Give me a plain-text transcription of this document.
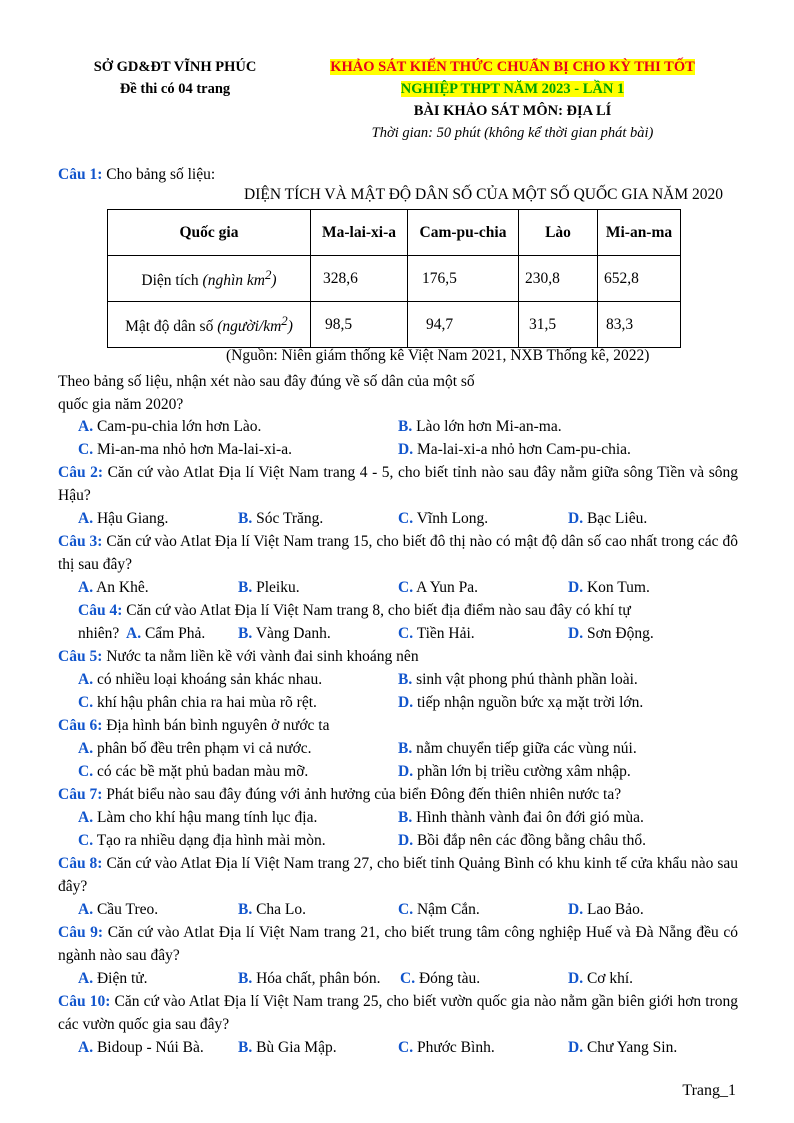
SỞ GD&ĐT VĨNH PHÚC
Đề thi có 04 trang
KHẢO SÁT KIẾN THỨC CHUẨN BỊ CHO KỲ THI TỐT
NGHIỆP THPT NĂM 2023 - LẦN 1
BÀI KHẢO SÁT MÔN: ĐỊA LÍ
Thời gian: 50 phút (không kể thời gian phát bài)
Câu 1: Cho bảng số liệu:
DIỆN TÍCH VÀ MẬT ĐỘ DÂN SỐ CỦA MỘT SỐ QUỐC GIA NĂM 2020
Quốc gia	Ma-lai-xi-a	Cam-pu-chia	Lào	Mi-an-ma
Diện tích (nghìn $km^2$)	328,6	176,5	230,8	652,8
Mật độ dân số $(người/km^2)$	98,5	94,7	31,5	83,3
(Nguồn: Niên giám thống kê Việt Nam 2021, NXB Thống kê, 2022)
Theo bảng số liệu, nhận xét nào sau đây đúng về số dân của một số
quốc gia năm 2020?
A. Cam-pu-chia lớn hơn Lào.	B. Lào lớn hơn Mi-an-ma.
C. Mi-an-ma nhỏ hơn Ma-lai-xi-a.	D. Ma-lai-xi-a nhỏ hơn Cam-pu-chia.
Câu 2: Căn cứ vào Atlat Địa lí Việt Nam trang 4 - 5, cho biết tỉnh nào sau đây nằm giữa sông Tiền và sông Hậu?
A. Hậu Giang.	B. Sóc Trăng.	C. Vĩnh Long.	D. Bạc Liêu.
Câu 3: Căn cứ vào Atlat Địa lí Việt Nam trang 15, cho biết đô thị nào có mật độ dân số cao nhất trong các đô thị sau đây?
A. An Khê.	B. Pleiku.	C. A Yun Pa.	D. Kon Tum.
Câu 4: Căn cứ vào Atlat Địa lí Việt Nam trang 8, cho biết địa điểm nào sau đây có khí tự
nhiên? A. Cẩm Phả. B. Vàng Danh.	C. Tiền Hải.	D. Sơn Động.
Câu 5: Nước ta nằm liền kề với vành đai sinh khoáng nên
A. có nhiều loại khoáng sản khác nhau.	B. sinh vật phong phú thành phần loài.
C. khí hậu phân chia ra hai mùa rõ rệt.	D. tiếp nhận nguồn bức xạ mặt trời lớn.
Câu 6: Địa hình bán bình nguyên ở nước ta
A. phân bố đều trên phạm vi cả nước.	B. nằm chuyển tiếp giữa các vùng núi.
C. có các bề mặt phủ badan màu mỡ.	D. phần lớn bị triều cường xâm nhập.
Câu 7: Phát biểu nào sau đây đúng với ảnh hưởng của biển Đông đến thiên nhiên nước ta?
A. Làm cho khí hậu mang tính lục địa.	B. Hình thành vành đai ôn đới gió mùa.
C. Tạo ra nhiều dạng địa hình mài mòn.	D. Bồi đắp nên các đồng bằng châu thổ.
Câu 8: Căn cứ vào Atlat Địa lí Việt Nam trang 27, cho biết tỉnh Quảng Bình có khu kinh tế cửa khẩu nào sau đây?
A. Cầu Treo.	B. Cha Lo.	C. Nậm Cắn.	D. Lao Bảo.
Câu 9: Căn cứ vào Atlat Địa lí Việt Nam trang 21, cho biết trung tâm công nghiệp Huế và Đà Nẵng đều có ngành nào sau đây?
A. Điện tử.	B. Hóa chất, phân bón. C. Đóng tàu.	D. Cơ khí.
Câu 10: Căn cứ vào Atlat Địa lí Việt Nam trang 25, cho biết vườn quốc gia nào nằm gần biên giới hơn trong các vườn quốc gia sau đây?
A. Bidoup - Núi Bà. B. Bù Gia Mập.	C. Phước Bình.	D. Chư Yang Sin.
Trang_1
